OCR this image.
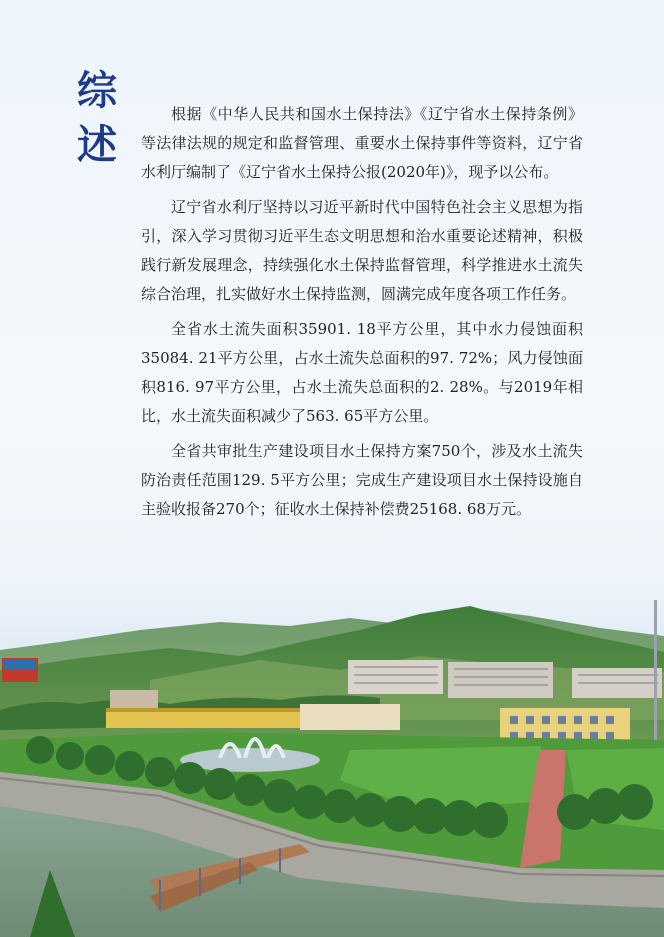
综
述

根据《中华人民共和国水土保持法》《辽宁省水土保持条例》等法律法规的规定和监督管理、重要水土保持事件等资料，辽宁省水利厅编制了《辽宁省水土保持公报(2020年)》，现予以公布。

辽宁省水利厅坚持以习近平新时代中国特色社会主义思想为指引，深入学习贯彻习近平生态文明思想和治水重要论述精神，积极践行新发展理念，持续强化水土保持监督管理，科学推进水土流失综合治理，扎实做好水土保持监测，圆满完成年度各项工作任务。

全省水土流失面积35901. 18平方公里，其中水力侵蚀面积35084. 21平方公里，占水土流失总面积的97. 72%；风力侵蚀面积816. 97平方公里，占水土流失总面积的2. 28%。与2019年相比，水土流失面积减少了563. 65平方公里。

全省共审批生产建设项目水土保持方案750个，涉及水土流失防治责任范围129. 5平方公里；完成生产建设项目水土保持设施自主验收报备270个；征收水土保持补偿费25168. 68万元。
